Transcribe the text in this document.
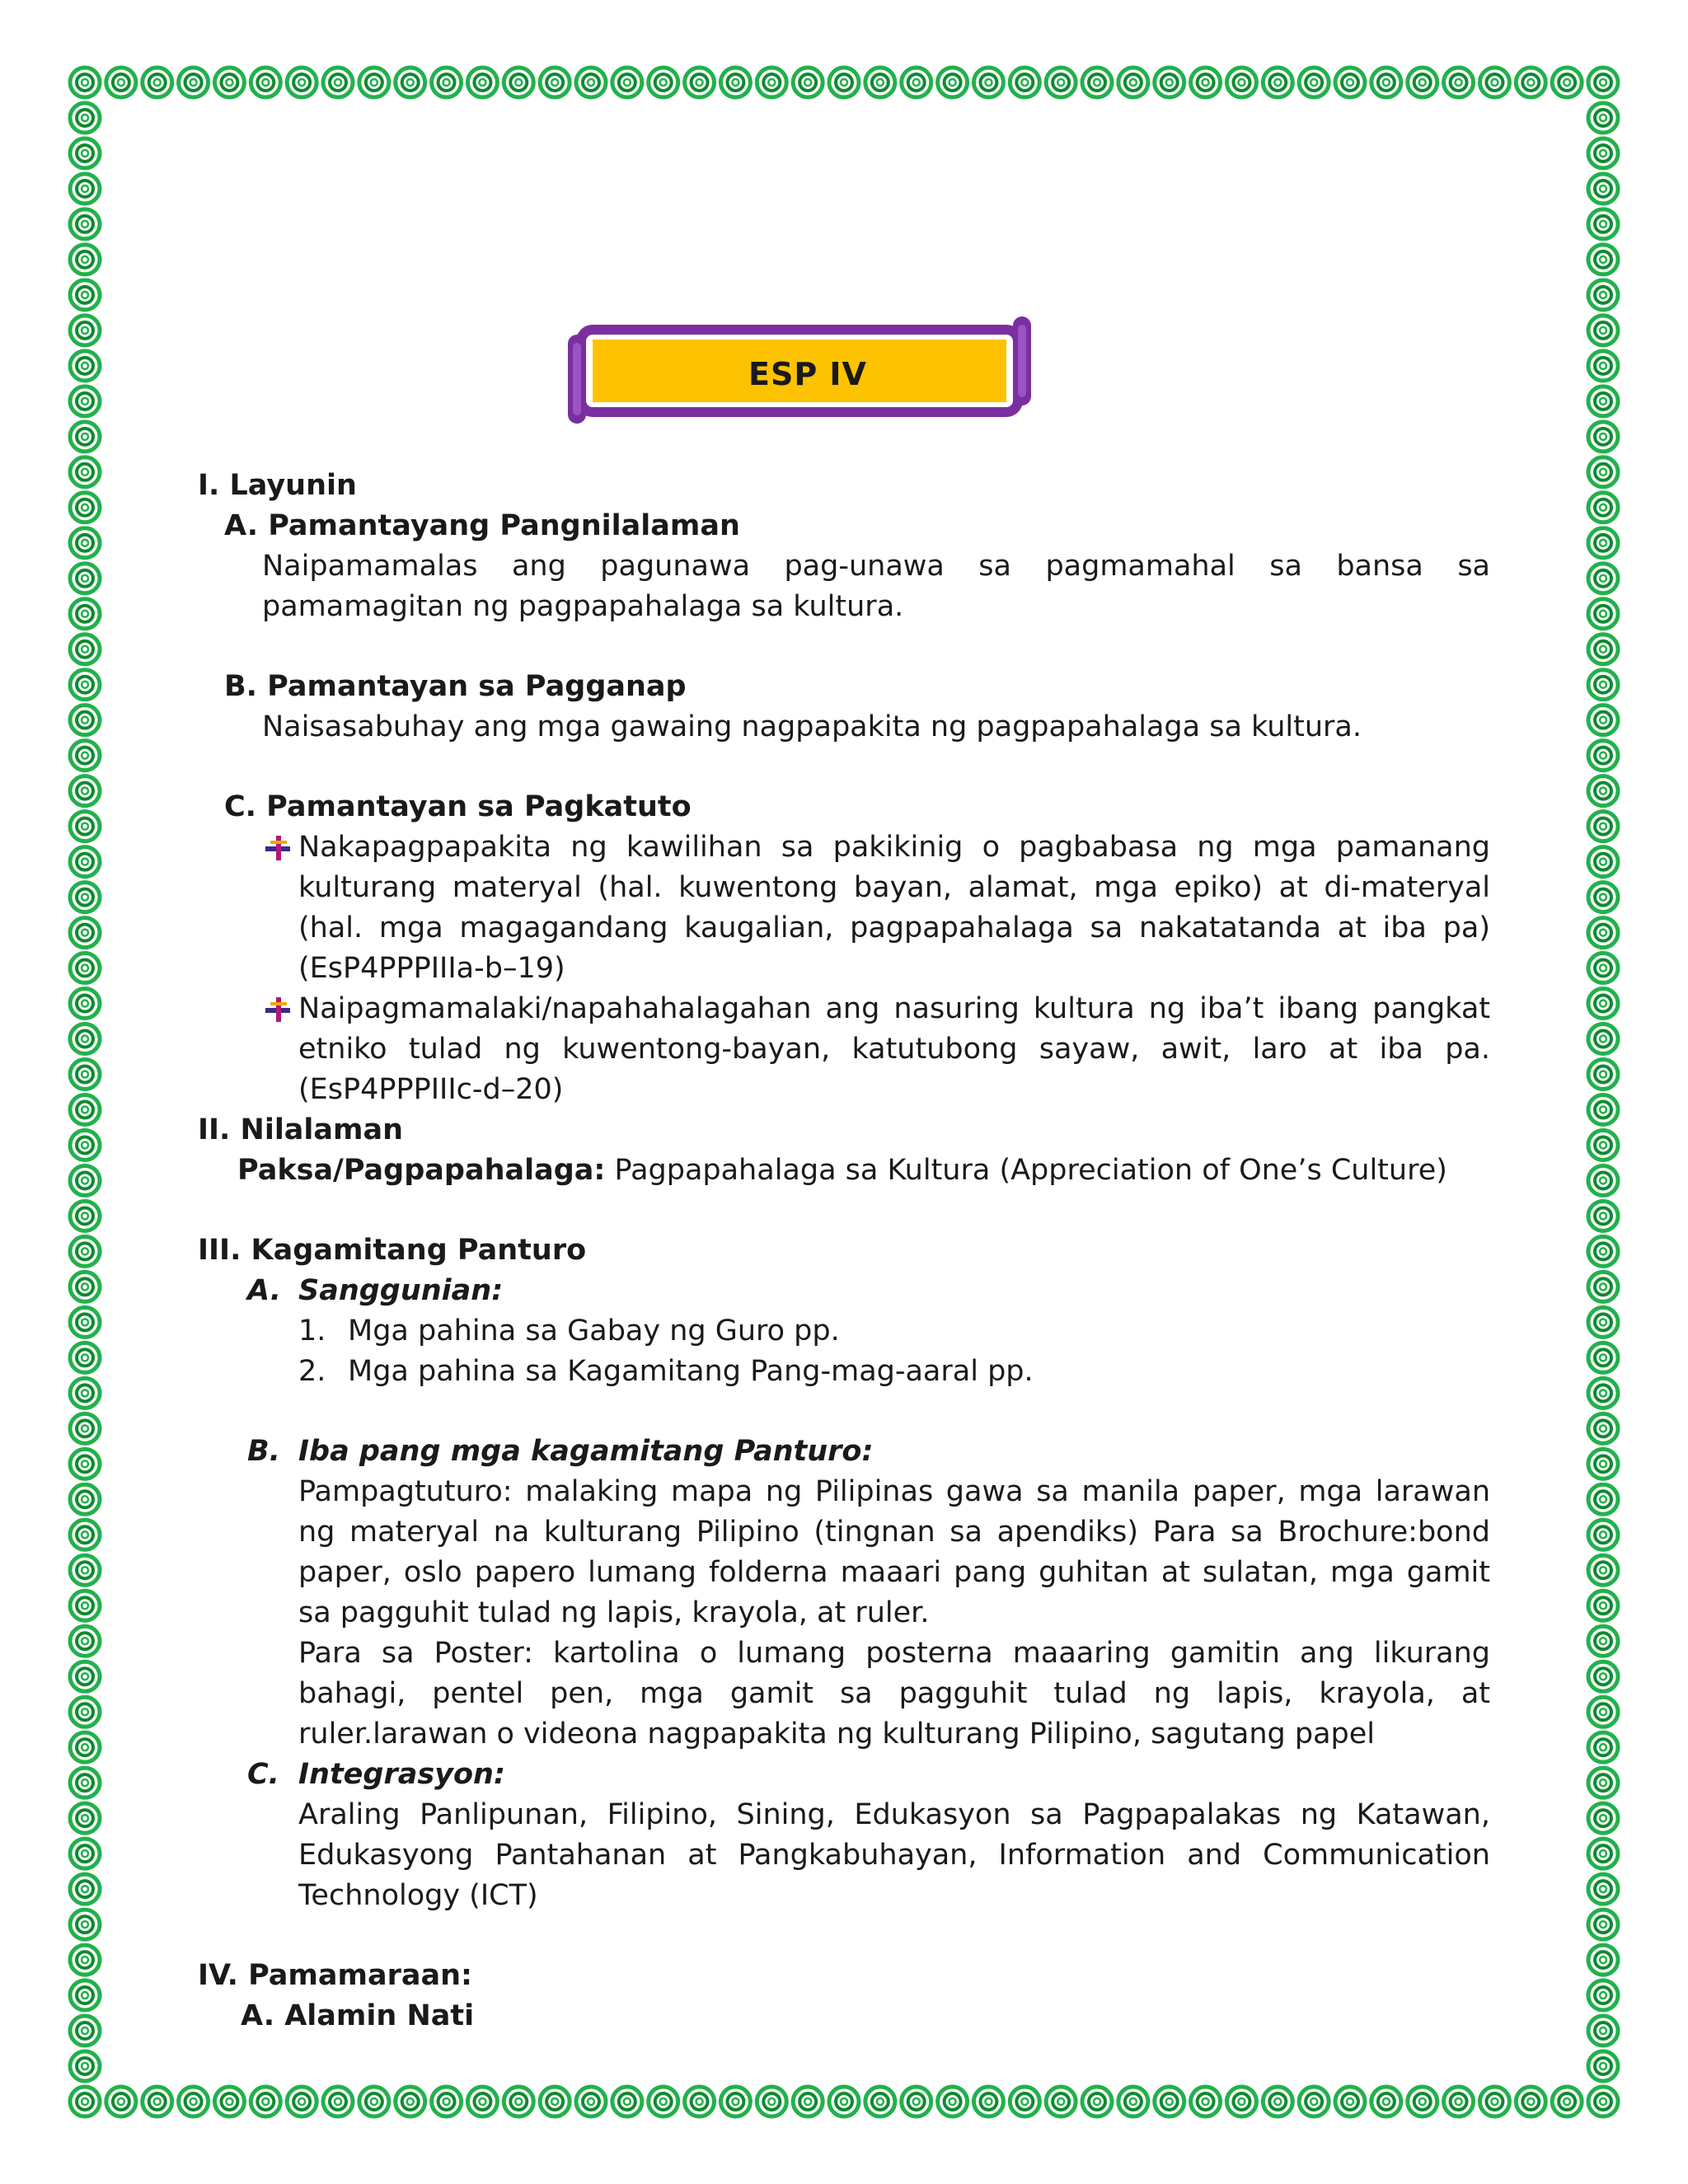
ESP IV
I. Layunin
A. Pamantayang Pangnilalaman
Naipamamalas ang pagunawa pag-unawa sa pagmamahal sa bansa sa pamamagitan ng pagpapahalaga sa kultura.
B. Pamantayan sa Pagganap
Naisasabuhay ang mga gawaing nagpapakita ng pagpapahalaga sa kultura.
C. Pamantayan sa Pagkatuto
Nakapagpapakita ng kawilihan sa pakikinig o pagbabasa ng mga pamanang kulturang materyal (hal. kuwentong bayan, alamat, mga epiko) at di-materyal (hal. mga magagandang kaugalian, pagpapahalaga sa nakatatanda at iba pa) (EsP4PPPIIIa-b–19)
Naipagmamalaki/napahahalagahan ang nasuring kultura ng iba’t ibang pangkat etniko tulad ng kuwentong-bayan, katutubong sayaw, awit, laro at iba pa. (EsP4PPPIIIc-d–20)
II. Nilalaman
Paksa/Pagpapahalaga: Pagpapahalaga sa Kultura (Appreciation of One’s Culture)
III. Kagamitang Panturo
A. Sanggunian:
1. Mga pahina sa Gabay ng Guro pp.
2. Mga pahina sa Kagamitang Pang-mag-aaral pp.
B. Iba pang mga kagamitang Panturo:
Pampagtuturo: malaking mapa ng Pilipinas gawa sa manila paper, mga larawan ng materyal na kulturang Pilipino (tingnan sa apendiks) Para sa Brochure:bond paper, oslo papero lumang folderna maaari pang guhitan at sulatan, mga gamit sa pagguhit tulad ng lapis, krayola, at ruler.
Para sa Poster: kartolina o lumang posterna maaaring gamitin ang likurang bahagi, pentel pen, mga gamit sa pagguhit tulad ng lapis, krayola, at ruler.larawan o videona nagpapakita ng kulturang Pilipino, sagutang papel
C. Integrasyon:
Araling Panlipunan, Filipino, Sining, Edukasyon sa Pagpapalakas ng Katawan, Edukasyong Pantahanan at Pangkabuhayan, Information and Communication Technology (ICT)
IV. Pamamaraan:
A. Alamin Nati
